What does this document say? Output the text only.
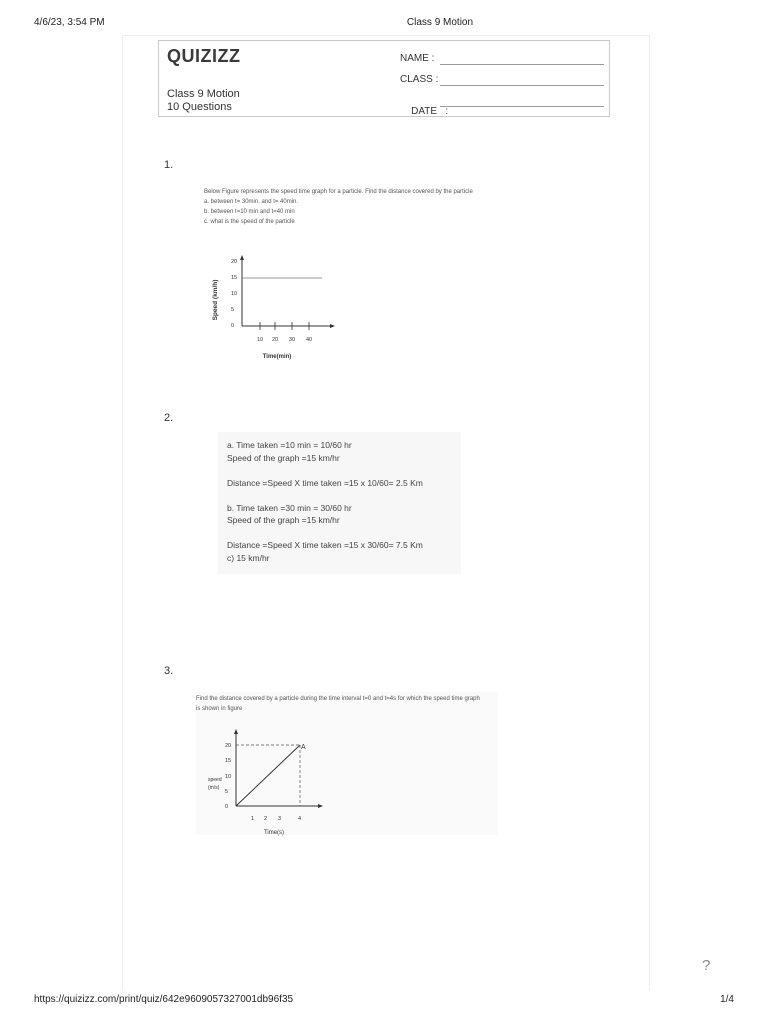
4/6/23, 3:54 PM	Class 9 Motion
QUIZIZZ
Class 9 Motion
10 Questions
NAME :
CLASS :

DATE   :

1.
Below Figure represents the speed time graph for a particle. Find the distance covered by the particle
a. between t= 30min. and t= 40min.
b. between t=10 min and t=40 min
c. what is the speed of the particle
Speed (km/h)
20
15
10
5
0
10 20 30 40
Time(min)
2.
a. Time taken =10 min = 10/60 hr
Speed of the graph =15 km/hr
Distance =Speed X time taken =15 x 10/60= 2.5 Km
b. Time taken =30 min = 30/60 hr
Speed of the graph =15 km/hr
Distance =Speed X time taken =15 x 30/60= 7.5 Km
c) 15 km/hr
3.
Find the distance covered by a particle during the time interval t=0 and t=4s for which the speed time graph
is shown in figure
A
20
15
10
5
0
speed
(m/s)
1 2 3	4
Time(s)
?
https://quizizz.com/print/quiz/642e9609057327001db96f35	1/4
